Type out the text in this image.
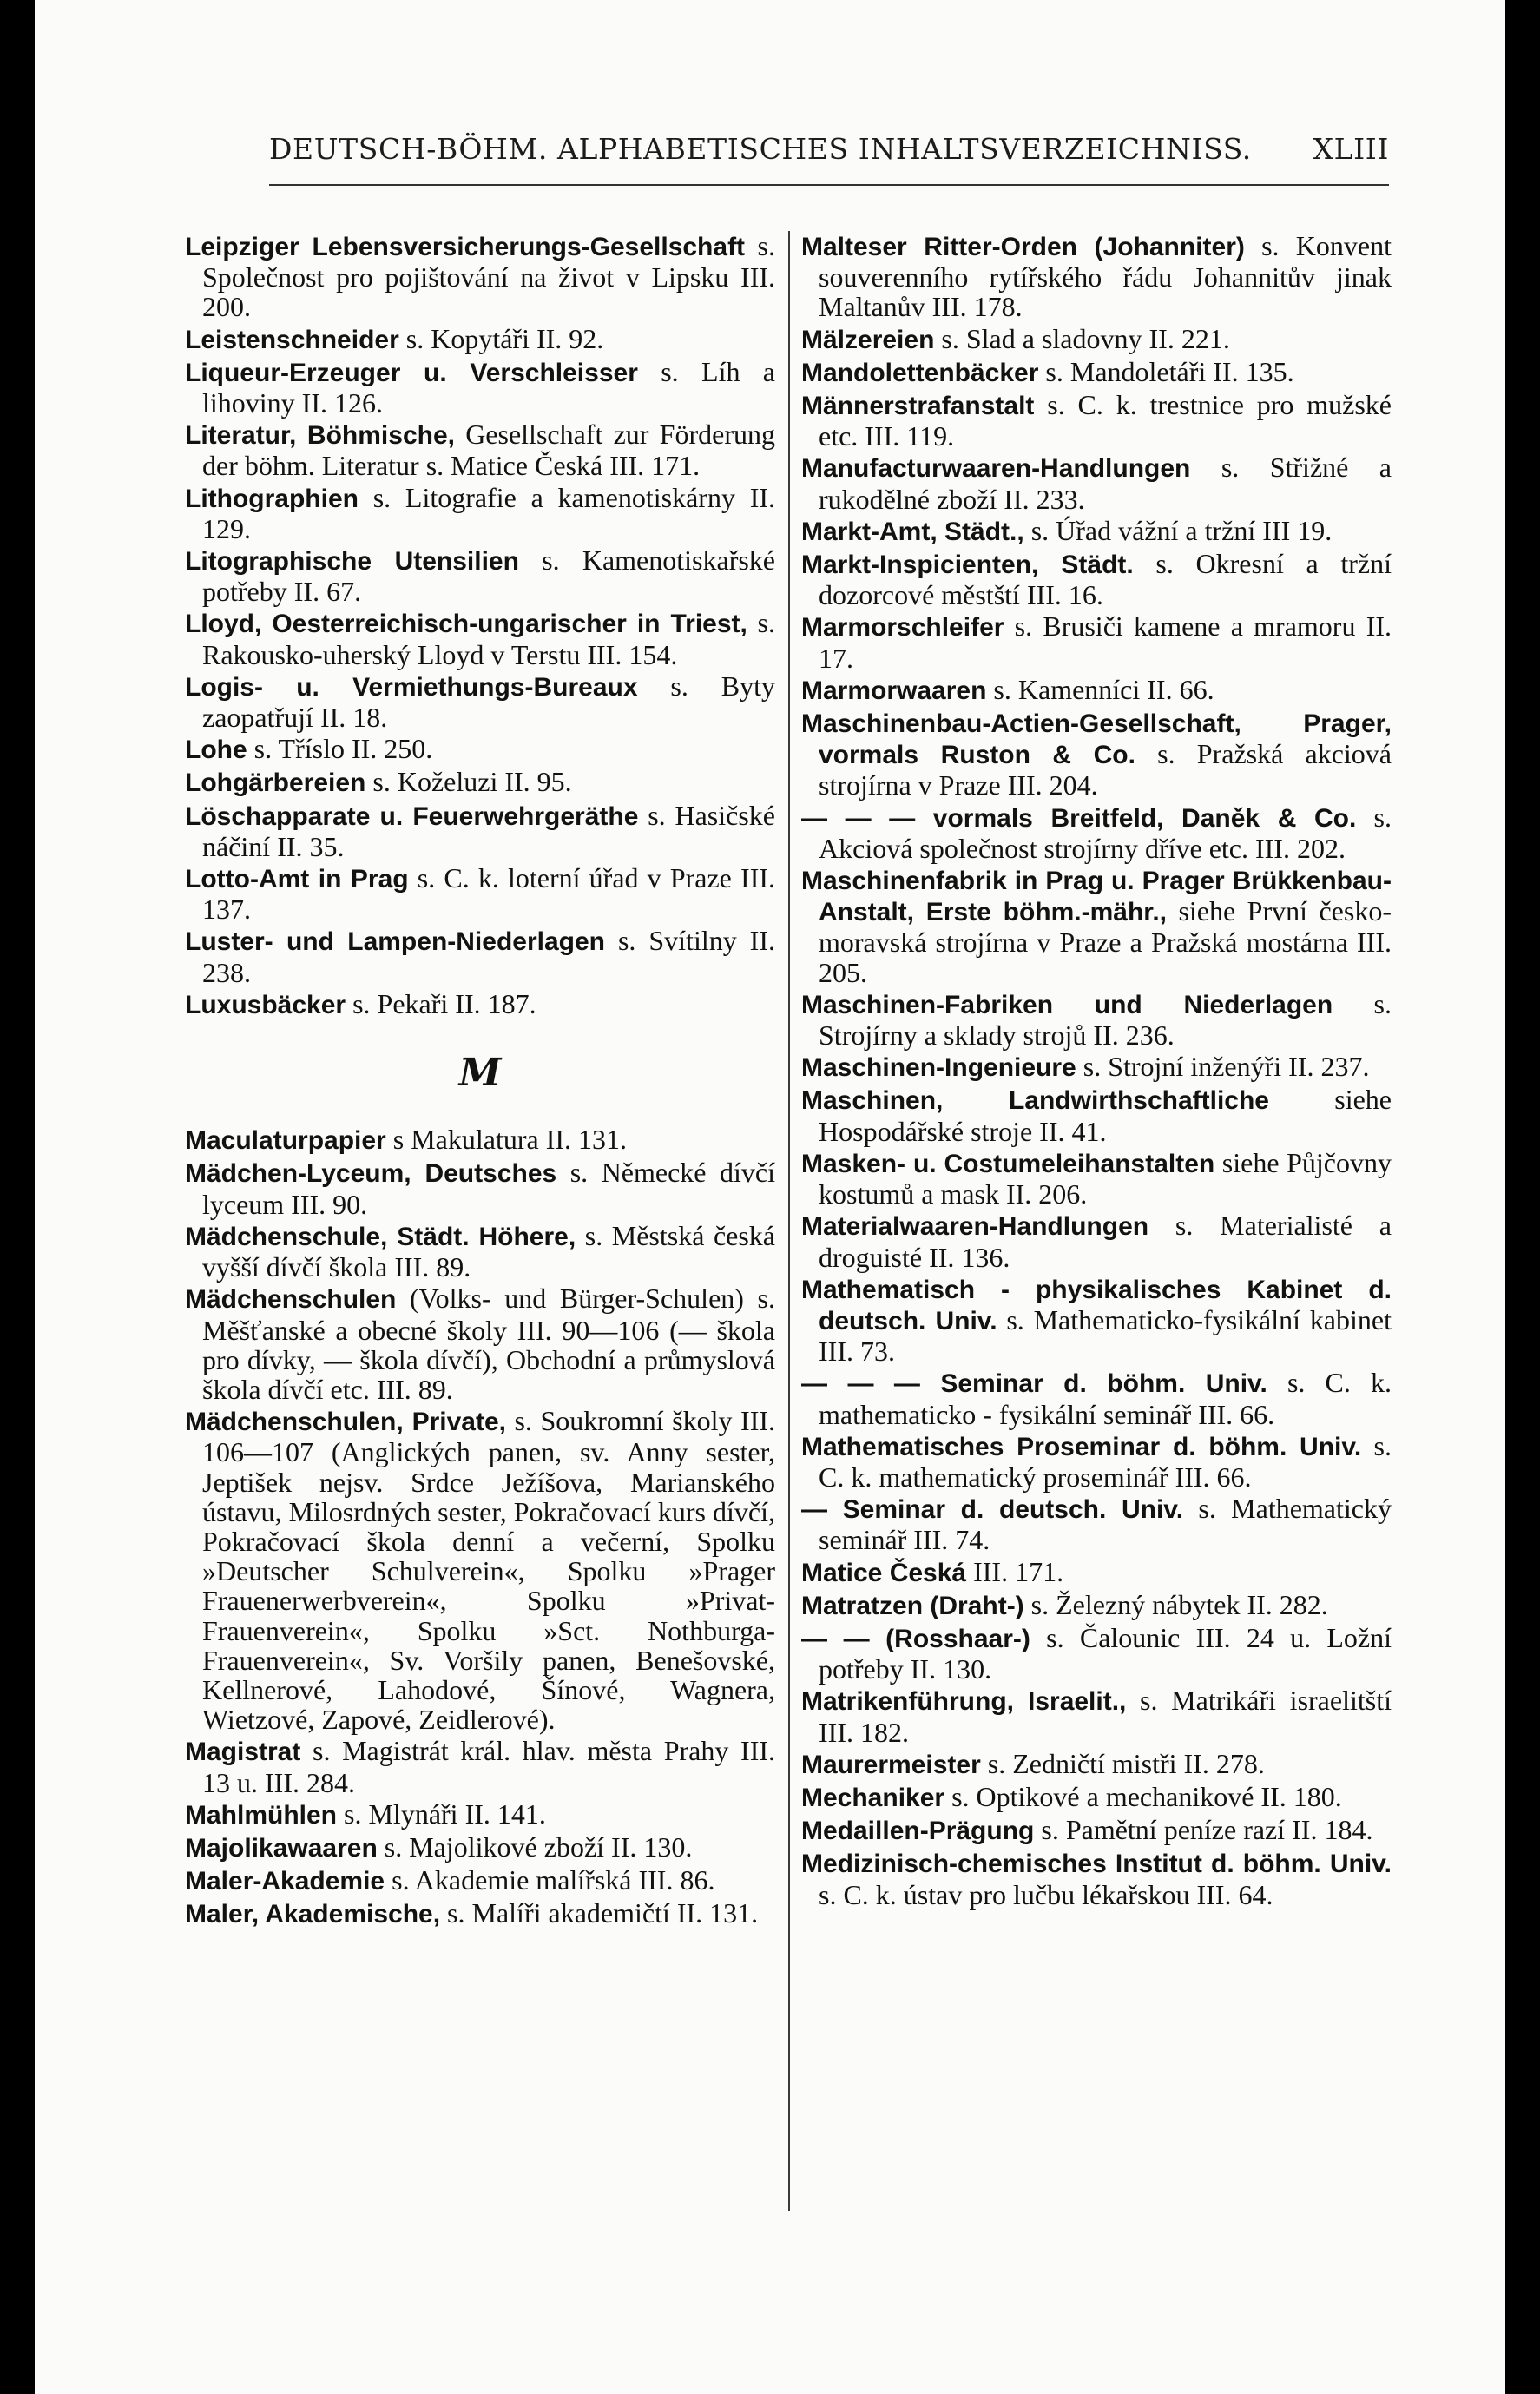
DEUTSCH-BÖHM. ALPHABETISCHES INHALTSVERZEICHNISS. XLIII

Leipziger Lebensversicherungs-Gesellschaft s. Společnost pro pojištování na život v Lipsku III. 200.

Leistenschneider s. Kopytáři II. 92.

Liqueur-Erzeuger u. Verschleisser s. Líh a lihoviny II. 126.

Literatur, Böhmische, Gesellschaft zur Förderung der böhm. Literatur s. Matice Česká III. 171.

Lithographien s. Litografie a kamenotiskárny II. 129.

Litographische Utensilien s. Kamenotiskařské potřeby II. 67.

Lloyd, Oesterreichisch-ungarischer in Triest, s. Rakousko-uherský Lloyd v Terstu III. 154.

Logis- u. Vermiethungs-Bureaux s. Byty zaopatřují II. 18.

Lohe s. Tříslo II. 250.

Lohgärbereien s. Koželuzi II. 95.

Löschapparate u. Feuerwehrgeräthe s. Hasičské náčiní II. 35.

Lotto-Amt in Prag s. C. k. loterní úřad v Praze III. 137.

Luster- und Lampen-Niederlagen s. Svítilny II. 238.

Luxusbäcker s. Pekaři II. 187.

M

Maculaturpapier s Makulatura II. 131.

Mädchen-Lyceum, Deutsches s. Německé dívčí lyceum III. 90.

Mädchenschule, Städt. Höhere, s. Městská česká vyšší dívčí škola III. 89.

Mädchenschulen (Volks- und Bürger-Schulen) s. Měšťanské a obecné školy III. 90—106 (— škola pro dívky, — škola dívčí), Obchodní a průmyslová škola dívčí etc. III. 89.

Mädchenschulen, Private, s. Soukromní školy III. 106—107 (Anglických panen, sv. Anny sester, Jeptišek nejsv. Srdce Ježíšova, Marianského ústavu, Milosrdných sester, Pokračovací kurs dívčí, Pokračovací škola denní a večerní, Spolku »Deutscher Schulverein«, Spolku »Prager Frauenerwerbverein«, Spolku »Privat-Frauenverein«, Spolku »Sct. Nothburga-Frauenverein«, Sv. Voršily panen, Benešovské, Kellnerové, Lahodové, Šínové, Wagnera, Wietzové, Zapové, Zeidlerové).

Magistrat s. Magistrát král. hlav. města Prahy III. 13 u. III. 284.

Mahlmühlen s. Mlynáři II. 141.

Majolikawaaren s. Majolikové zboží II. 130.

Maler-Akademie s. Akademie malířská III. 86.

Maler, Akademische, s. Malíři akademičtí II. 131.

Malteser Ritter-Orden (Johanniter) s. Konvent souverenního rytířského řádu Johannitův jinak Maltanův III. 178.

Mälzereien s. Slad a sladovny II. 221.

Mandolettenbäcker s. Mandoletáři II. 135.

Männerstrafanstalt s. C. k. trestnice pro mužské etc. III. 119.

Manufacturwaaren-Handlungen s. Střižné a rukodělné zboží II. 233.

Markt-Amt, Städt., s. Úřad vážní a tržní III 19.

Markt-Inspicienten, Städt. s. Okresní a tržní dozorcové městští III. 16.

Marmorschleifer s. Brusiči kamene a mramoru II. 17.

Marmorwaaren s. Kamenníci II. 66.

Maschinenbau-Actien-Gesellschaft, Prager, vormals Ruston & Co. s. Pražská akciová strojírna v Praze III. 204.

— — — vormals Breitfeld, Daněk & Co. s. Akciová společnost strojírny dříve etc. III. 202.

Maschinenfabrik in Prag u. Prager Brükkenbau-Anstalt, Erste böhm.-mähr., siehe První česko-moravská strojírna v Praze a Pražská mostárna III. 205.

Maschinen-Fabriken und Niederlagen s. Strojírny a sklady strojů II. 236.

Maschinen-Ingenieure s. Strojní inženýři II. 237.

Maschinen, Landwirthschaftliche siehe Hospodářské stroje II. 41.

Masken- u. Costumeleihanstalten siehe Půjčovny kostumů a mask II. 206.

Materialwaaren-Handlungen s. Materialisté a droguisté II. 136.

Mathematisch - physikalisches Kabinet d. deutsch. Univ. s. Mathematicko-fysikální kabinet III. 73.

— — — Seminar d. böhm. Univ. s. C. k. mathematicko - fysikální seminář III. 66.

Mathematisches Proseminar d. böhm. Univ. s. C. k. mathematický proseminář III. 66.

— Seminar d. deutsch. Univ. s. Mathematický seminář III. 74.

Matice Česká III. 171.

Matratzen (Draht-) s. Železný nábytek II. 282.

— — (Rosshaar-) s. Čalounic III. 24 u. Ložní potřeby II. 130.

Matrikenführung, Israelit., s. Matrikáři israelitští III. 182.

Maurermeister s. Zedničtí mistři II. 278.

Mechaniker s. Optikové a mechanikové II. 180.

Medaillen-Prägung s. Pamětní peníze razí II. 184.

Medizinisch-chemisches Institut d. böhm. Univ. s. C. k. ústav pro lučbu lékařskou III. 64.
